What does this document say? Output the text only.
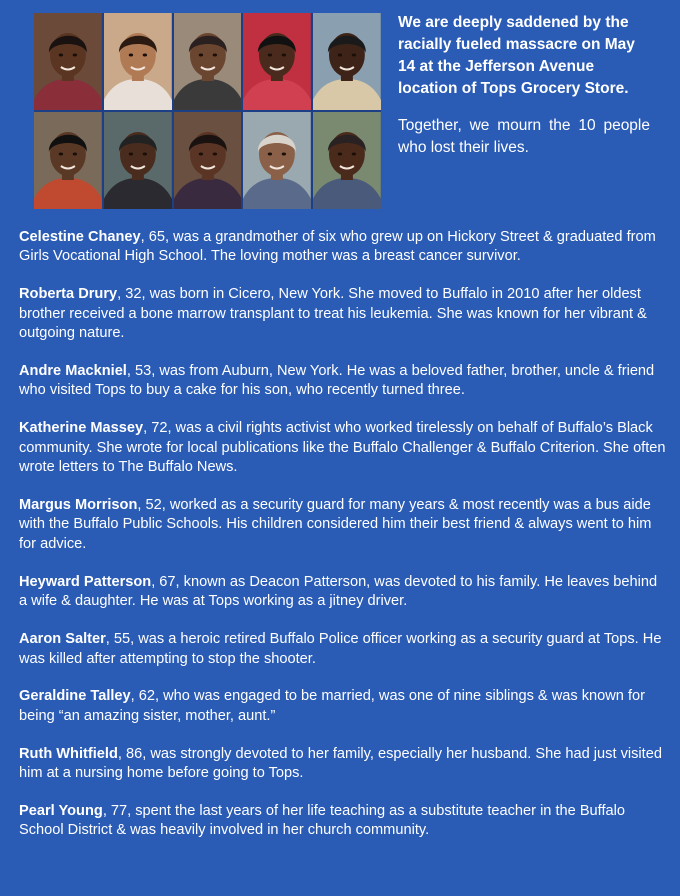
We are deeply saddened by the racially fueled massacre on May 14 at the Jefferson Avenue location of Tops Grocery Store.

Together, we mourn the 10 people who lost their lives.

Celestine Chaney, 65, was a grandmother of six who grew up on Hickory Street & graduated from Girls Vocational High School. The loving mother was a breast cancer survivor.

Roberta Drury, 32, was born in Cicero, New York. She moved to Buffalo in 2010 after her oldest brother received a bone marrow transplant to treat his leukemia. She was known for her vibrant & outgoing nature.

Andre Mackniel, 53, was from Auburn, New York. He was a beloved father, brother, uncle & friend who visited Tops to buy a cake for his son, who recently turned three.

Katherine Massey, 72, was a civil rights activist who worked tirelessly on behalf of Buffalo’s Black community. She wrote for local publications like the Buffalo Challenger & Buffalo Criterion. She often wrote letters to The Buffalo News.

Margus Morrison, 52, worked as a security guard for many years & most recently was a bus aide with the Buffalo Public Schools. His children considered him their best friend & always went to him for advice.

Heyward Patterson, 67, known as Deacon Patterson, was devoted to his family. He leaves behind a wife & daughter. He was at Tops working as a jitney driver.

Aaron Salter, 55, was a heroic retired Buffalo Police officer working as a security guard at Tops. He was killed after attempting to stop the shooter.

Geraldine Talley, 62, who was engaged to be married, was one of nine siblings & was known for being “an amazing sister, mother, aunt.”

Ruth Whitfield, 86, was strongly devoted to her family, especially her husband. She had just visited him at a nursing home before going to Tops.

Pearl Young, 77, spent the last years of her life teaching as a substitute teacher in the Buffalo School District & was heavily involved in her church community.
